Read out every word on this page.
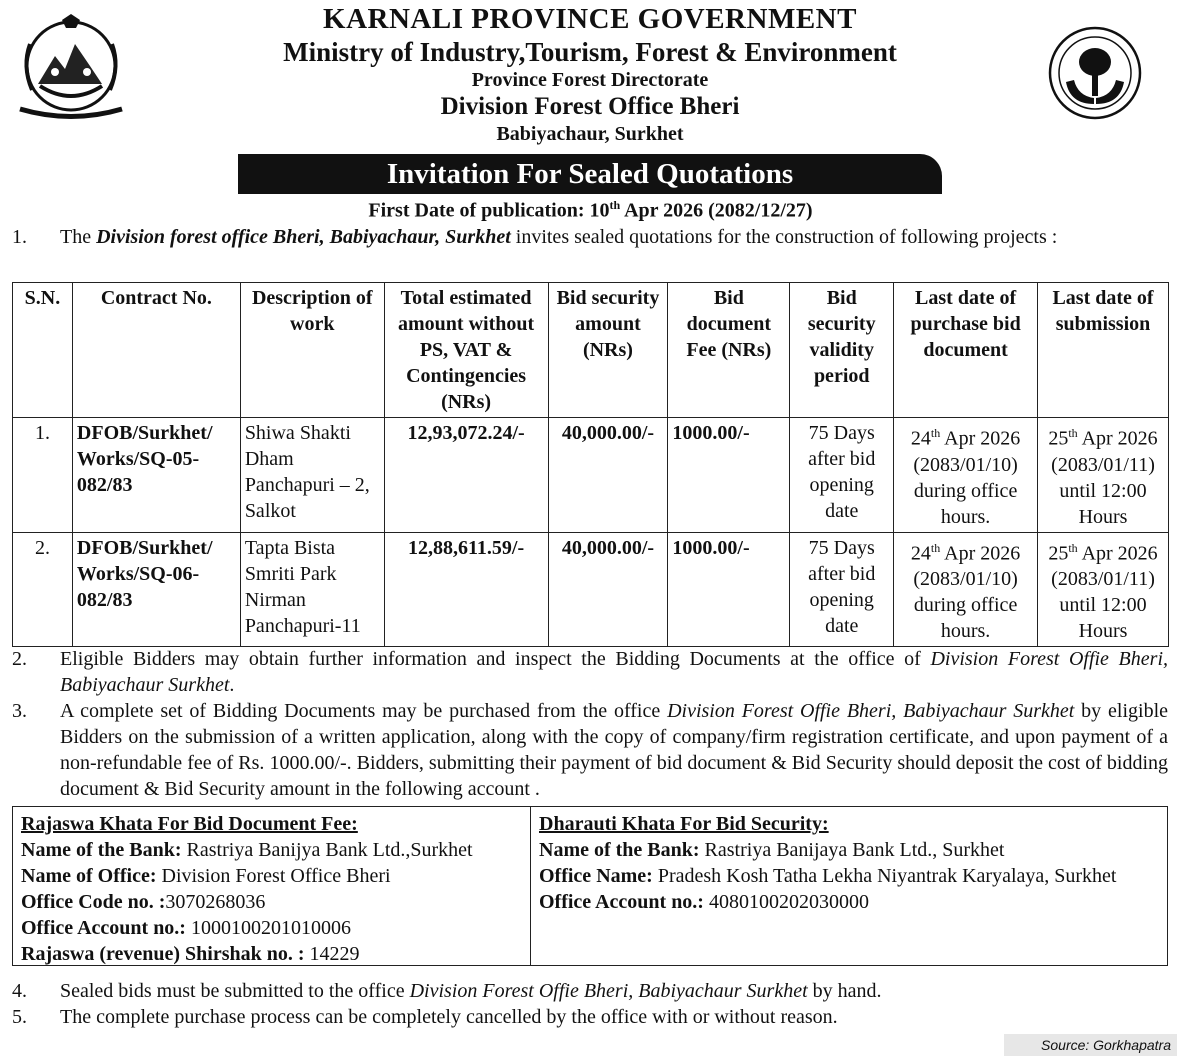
KARNALI PROVINCE GOVERNMENT
Ministry of Industry,Tourism, Forest & Environment
Province Forest Directorate
Division Forest Office Bheri
Babiyachaur, Surkhet
Invitation For Sealed Quotations
First Date of publication: 10th Apr 2026 (2082/12/27)
1.	The Division forest office Bheri, Babiyachaur, Surkhet invites sealed quotations for the construction of following projects :
S.N.	Contract No.	Description of work	Total estimated amount without PS, VAT & Contingencies (NRs)	Bid security amount (NRs)	Bid document Fee (NRs)	Bid security validity period	Last date of purchase bid document	Last date of submission
1.	DFOB/Surkhet/ Works/SQ-05-082/83	Shiwa Shakti Dham Panchapuri – 2, Salkot	12,93,072.24/-	40,000.00/-	1000.00/-	75 Days after bid opening date	24th Apr 2026 (2083/01/10) during office hours.	25th Apr 2026 (2083/01/11) until 12:00 Hours
2.	DFOB/Surkhet/ Works/SQ-06-082/83	Tapta Bista Smriti Park Nirman Panchapuri-11	12,88,611.59/-	40,000.00/-	1000.00/-	75 Days after bid opening date	24th Apr 2026 (2083/01/10) during office hours.	25th Apr 2026 (2083/01/11) until 12:00 Hours
2.	Eligible Bidders may obtain further information and inspect the Bidding Documents at the office of Division Forest Offie Bheri, Babiyachaur Surkhet.
3.	A complete set of Bidding Documents may be purchased from the office Division Forest Offie Bheri, Babiyachaur Surkhet by eligible Bidders on the submission of a written application, along with the copy of company/firm registration certificate, and upon payment of a non-refundable fee of Rs. 1000.00/-. Bidders, submitting their payment of bid document & Bid Security should deposit the cost of bidding document & Bid Security amount in the following account .
Rajaswa Khata For Bid Document Fee:
Name of the Bank: Rastriya Banijya Bank Ltd.,Surkhet
Name of Office: Division Forest Office Bheri
Office Code no. :3070268036
Office Account no.: 1000100201010006
Rajaswa (revenue) Shirshak no. : 14229
Dharauti Khata For Bid Security:
Name of the Bank: Rastriya Banijaya Bank Ltd., Surkhet
Office Name: Pradesh Kosh Tatha Lekha Niyantrak Karyalaya, Surkhet
Office Account no.: 4080100202030000
4.	Sealed bids must be submitted to the office Division Forest Offie Bheri, Babiyachaur Surkhet by hand.
5.	The complete purchase process can be completely cancelled by the office with or without reason.
Source: Gorkhapatra
